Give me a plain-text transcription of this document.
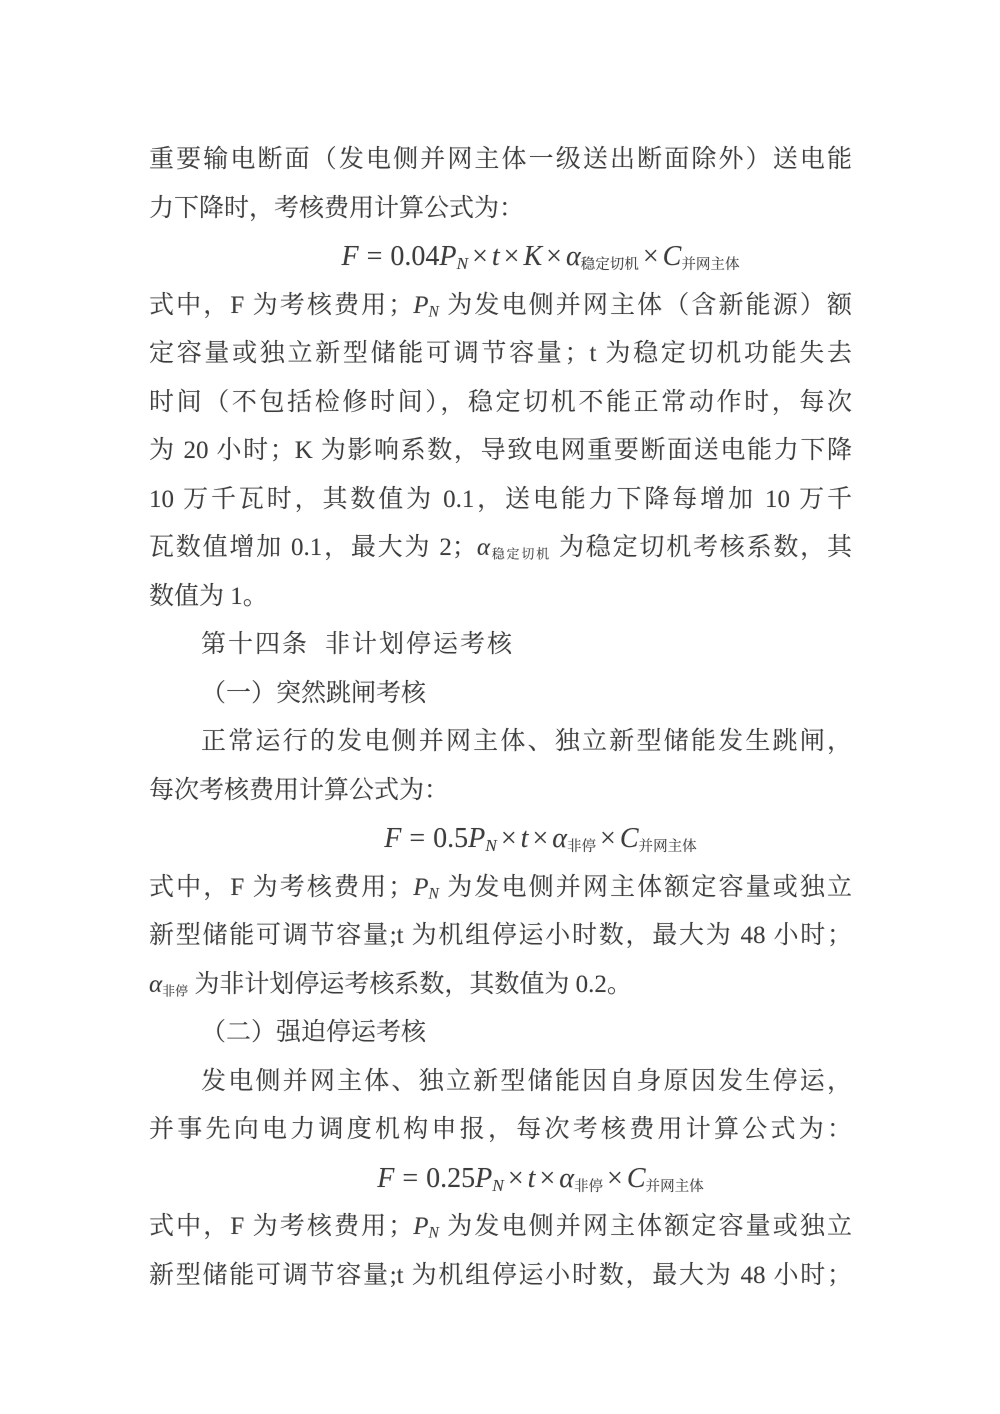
重要输电断面（发电侧并网主体一级送出断面除外）送电能
力下降时，考核费用计算公式为：
$F = 0.04P_N \times t \times K \times \alpha$稳定切机 × C并网主体
式中，F 为考核费用；$P_N$ 为发电侧并网主体（含新能源）额
定容量或独立新型储能可调节容量；t 为稳定切机功能失去
时间（不包括检修时间），稳定切机不能正常动作时，每次
为 20 小时；K 为影响系数，导致电网重要断面送电能力下降
10 万千瓦时，其数值为 0.1，送电能力下降每增加 10 万千
瓦数值增加 0.1，最大为 2；α稳定切机 为稳定切机考核系数，其
数值为 1。
第十四条 非计划停运考核
（一）突然跳闸考核
正常运行的发电侧并网主体、独立新型储能发生跳闸，
每次考核费用计算公式为：
$F = 0.5P_N \times t \times \alpha$非停 × C并网主体
式中，F 为考核费用；$P_N$ 为发电侧并网主体额定容量或独立
新型储能可调节容量;t 为机组停运小时数，最大为 48 小时；
α非停 为非计划停运考核系数，其数值为 0.2。
（二）强迫停运考核
发电侧并网主体、独立新型储能因自身原因发生停运，
并事先向电力调度机构申报，每次考核费用计算公式为：
$F = 0.25P_N \times t \times \alpha$非停 × C并网主体
式中，F 为考核费用；$P_N$ 为发电侧并网主体额定容量或独立
新型储能可调节容量;t 为机组停运小时数，最大为 48 小时；
